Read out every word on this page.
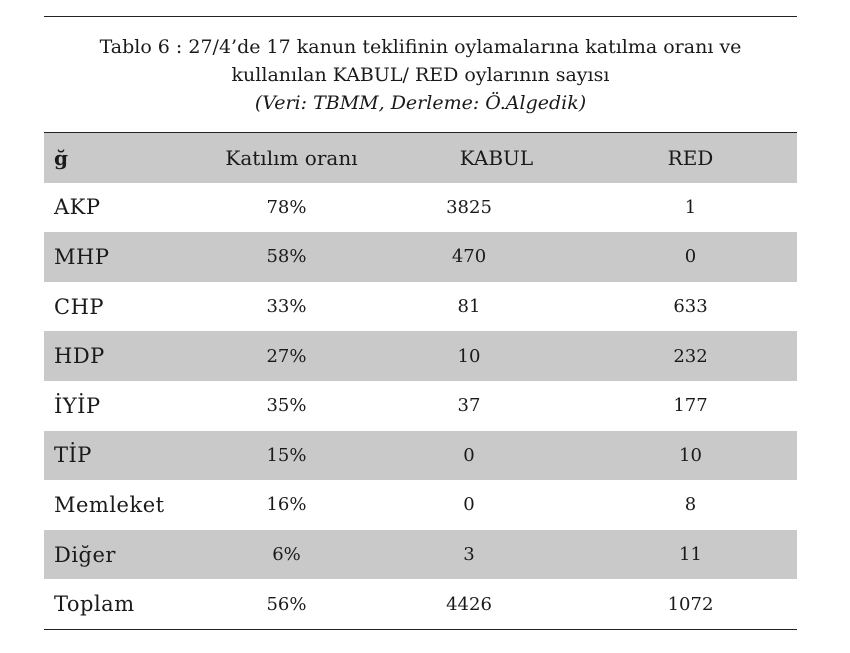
Tablo 6 : 27/4’de 17 kanun teklifinin oylamalarına katılma oranı ve
kullanılan KABUL/ RED oylarının sayısı
(Veri: TBMM, Derleme: Ö.Algedik)
ğ	Katılım oranı	KABUL	RED
AKP	78%	3825	1
MHP	58%	470	0
CHP	33%	81	633
HDP	27%	10	232
İYİP	35%	37	177
TİP	15%	0	10
Memleket	16%	0	8
Diğer	6%	3	11
Toplam	56%	4426	1072
